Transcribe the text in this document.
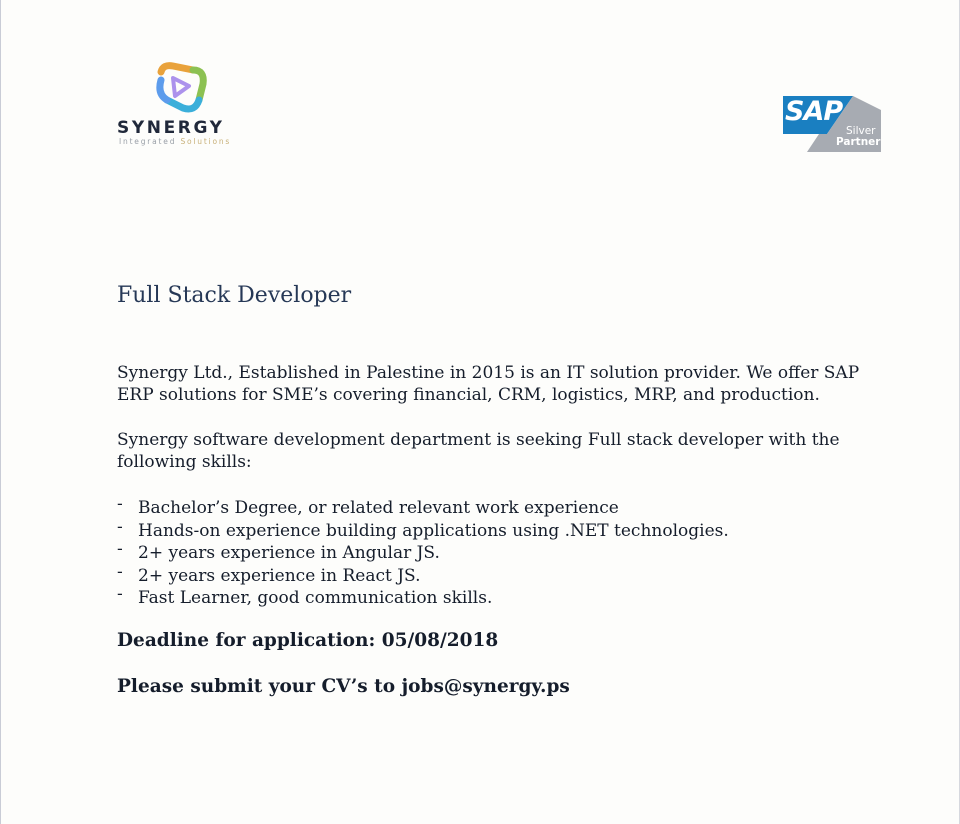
SYNERGY
Integrated Solutions
SAP
Silver
Partner
Full Stack Developer

Synergy Ltd., Established in Palestine in 2015 is an IT solution provider. We offer SAP ERP solutions for SME’s covering financial, CRM, logistics, MRP, and production.

Synergy software development department is seeking Full stack developer with the following skills:

- Bachelor’s Degree, or related relevant work experience
- Hands-on experience building applications using .NET technologies.
- 2+ years experience in Angular JS.
- 2+ years experience in React JS.
- Fast Learner, good communication skills.

Deadline for application: 05/08/2018

Please submit your CV’s to jobs@synergy.ps
